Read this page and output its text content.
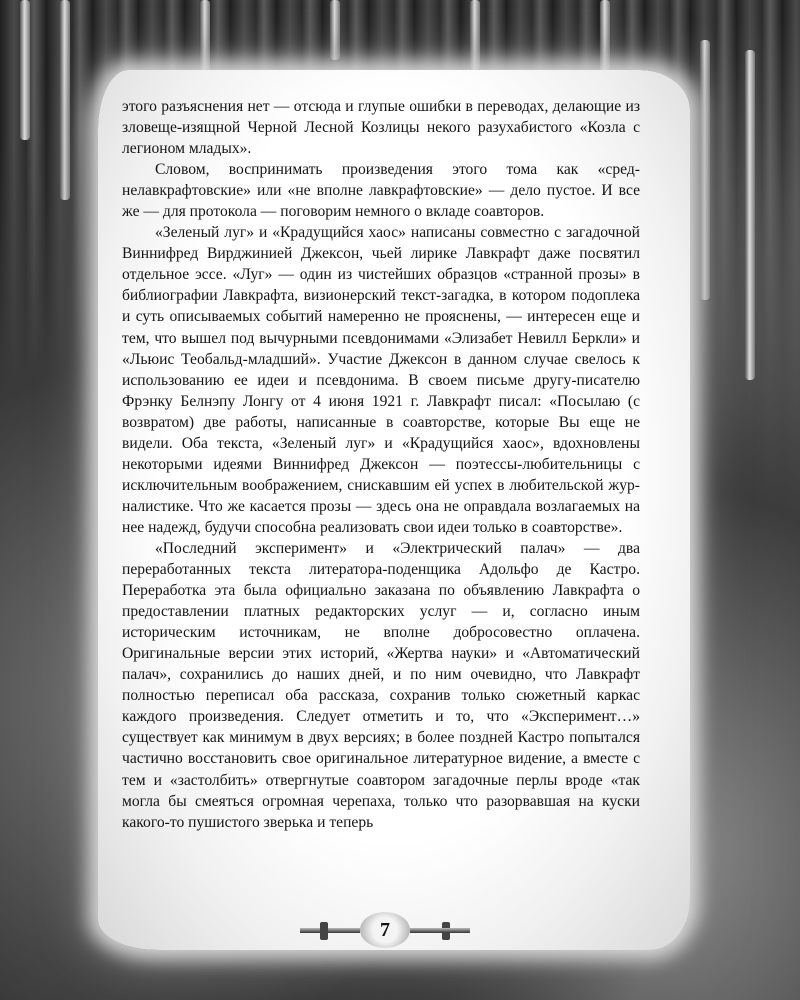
этого разъяснения нет — отсюда и глупые ошибки в переводах, делающие из зловеще-изящной Черной Лесной Козлицы некого разухабистого «Козла с легионом младых».

Словом, воспринимать произведения этого тома как «среднелавкрафтовские» или «не вполне лавкрафтовские» — дело пустое. И все же — для протокола — поговорим немного о вкладе соавторов.

«Зеленый луг» и «Крадущийся хаос» написаны совместно с загадочной Виннифред Вирджинией Джексон, чьей лирике Лавкрафт даже посвятил отдельное эссе. «Луг» — один из чистейших образцов «странной прозы» в библиографии Лавкрафта, визионерский текст-загадка, в котором подоплека и суть описываемых событий намеренно не прояснены, — интересен еще и тем, что вышел под вычурными псевдонимами «Элизабет Невилл Беркли» и «Льюис Теобальд-младший». Участие Джексон в данном случае свелось к использованию ее идеи и псевдонима. В своем письме другу-писателю Фрэнку Белнэпу Лонгу от 4 июня 1921 г. Лавкрафт писал: «Посылаю (с возвратом) две работы, написанные в соавторстве, которые Вы еще не видели. Оба текста, «Зеленый луг» и «Крадущийся хаос», вдохновлены некоторыми идеями Виннифред Джексон — поэтессы-любительницы с исключительным воображением, снискавшим ей успех в любительской журналистике. Что же касается прозы — здесь она не оправдала возлагаемых на нее надежд, будучи способна реализовать свои идеи только в соавторстве».

«Последний эксперимент» и «Электрический палач» — два переработанных текста литератора-поденщика Адольфо де Кастро. Переработка эта была официально заказана по объявлению Лавкрафта о предоставлении платных редакторских услуг — и, согласно иным историческим источникам, не вполне добросовестно оплачена. Оригинальные версии этих историй, «Жертва науки» и «Автоматический палач», сохранились до наших дней, и по ним очевидно, что Лавкрафт полностью переписал оба рассказа, сохранив только сюжетный каркас каждого произведения. Следует отметить и то, что «Эксперимент…» существует как минимум в двух версиях; в более поздней Кастро попытался частично восстановить свое оригинальное литературное видение, а вместе с тем и «застолбить» отвергнутые соавтором загадочные перлы вроде «так могла бы смеяться огромная черепаха, только что разорвавшая на куски какого-то пушистого зверька и теперь

7
